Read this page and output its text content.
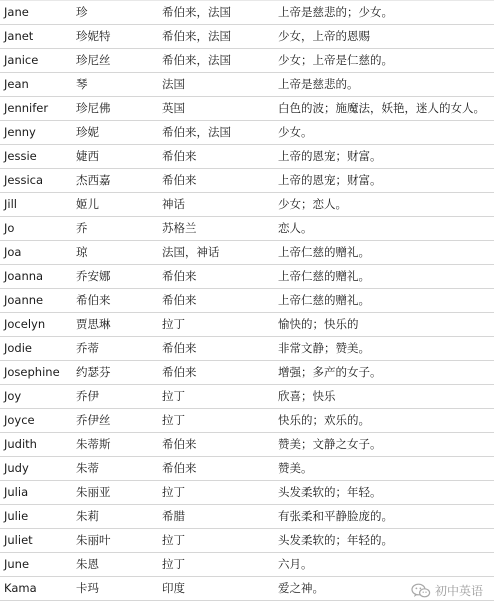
Jane	珍	希伯来，法国	上帝是慈悲的；少女。
Janet	珍妮特	希伯来，法国	少女，上帝的恩赐
Janice	珍尼丝	希伯来，法国	少女；上帝是仁慈的。
Jean	琴	法国	上帝是慈悲的。
Jennifer	珍尼佛	英国	白色的波；施魔法，妖艳，迷人的女人。
Jenny	珍妮	希伯来，法国	少女。
Jessie	婕西	希伯来	上帝的恩宠；财富。
Jessica	杰西嘉	希伯来	上帝的恩宠；财富。
Jill	姬儿	神话	少女；恋人。
Jo	乔	苏格兰	恋人。
Joa	琼	法国，神话	上帝仁慈的赠礼。
Joanna	乔安娜	希伯来	上帝仁慈的赠礼。
Joanne	希伯来	希伯来	上帝仁慈的赠礼。
Jocelyn	贾思琳	拉丁	愉快的；快乐的
Jodie	乔蒂	希伯来	非常文静；赞美。
Josephine	约瑟芬	希伯来	增强；多产的女子。
Joy	乔伊	拉丁	欣喜；快乐
Joyce	乔伊丝	拉丁	快乐的；欢乐的。
Judith	朱蒂斯	希伯来	赞美；文静之女子。
Judy	朱蒂	希伯来	赞美。
Julia	朱丽亚	拉丁	头发柔软的；年轻。
Julie	朱莉	希腊	有张柔和平静脸庞的。
Juliet	朱丽叶	拉丁	头发柔软的；年轻的。
June	朱恩	拉丁	六月。
Kama	卡玛	印度	爱之神。	初中英语
